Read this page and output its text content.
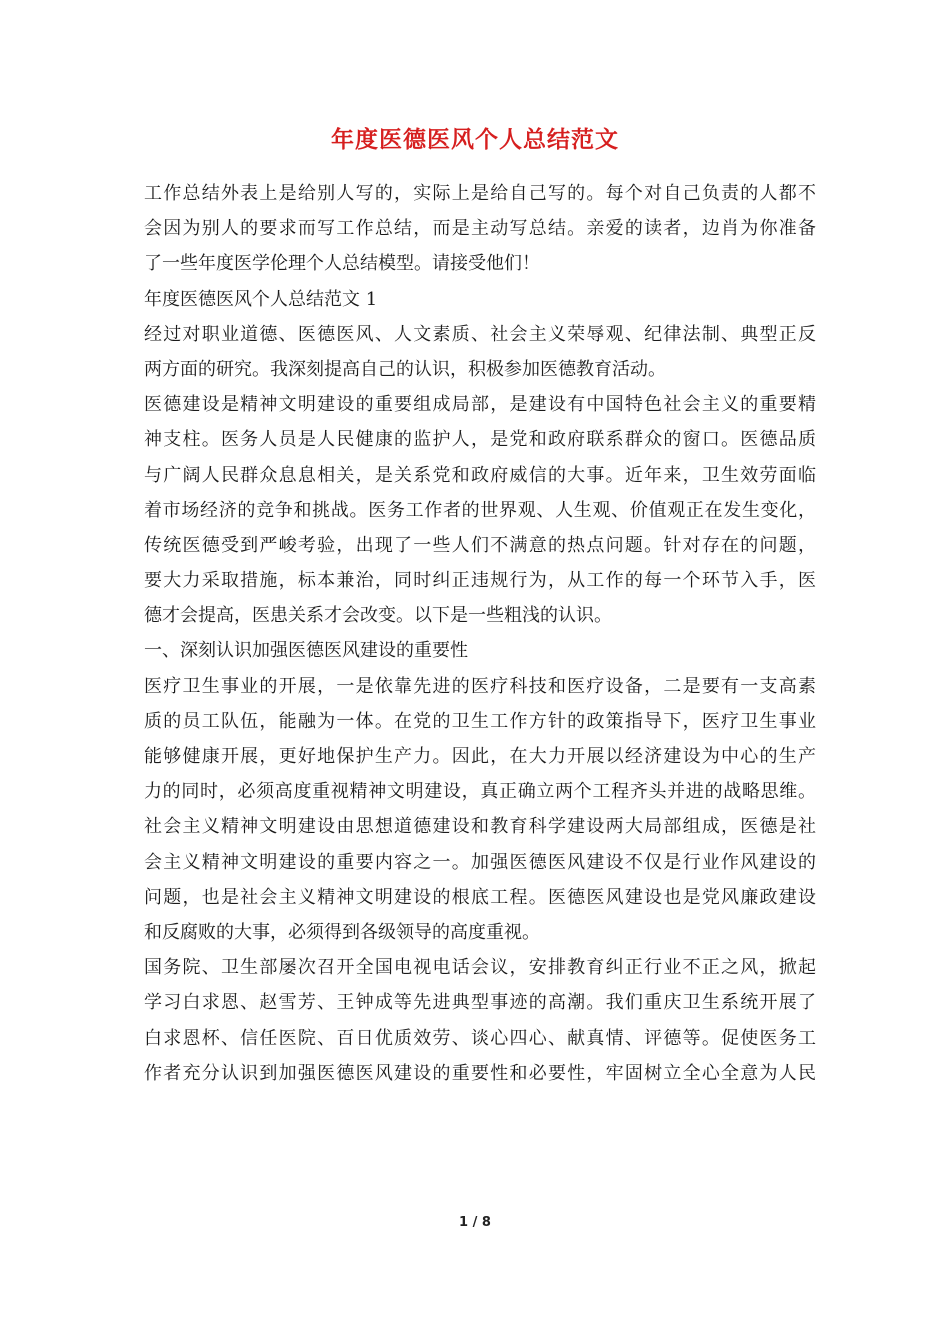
年度医德医风个人总结范文
工作总结外表上是给别人写的，实际上是给自己写的。每个对自己负责的人都不
会因为别人的要求而写工作总结，而是主动写总结。亲爱的读者，边肖为你准备
了一些年度医学伦理个人总结模型。请接受他们！
年度医德医风个人总结范文 1
经过对职业道德、医德医风、人文素质、社会主义荣辱观、纪律法制、典型正反
两方面的研究。我深刻提高自己的认识，积极参加医德教育活动。
医德建设是精神文明建设的重要组成局部，是建设有中国特色社会主义的重要精
神支柱。医务人员是人民健康的监护人，是党和政府联系群众的窗口。医德品质
与广阔人民群众息息相关，是关系党和政府威信的大事。近年来，卫生效劳面临
着市场经济的竞争和挑战。医务工作者的世界观、人生观、价值观正在发生变化，
传统医德受到严峻考验，出现了一些人们不满意的热点问题。针对存在的问题，
要大力采取措施，标本兼治，同时纠正违规行为，从工作的每一个环节入手，医
德才会提高，医患关系才会改变。以下是一些粗浅的认识。
一、深刻认识加强医德医风建设的重要性
医疗卫生事业的开展，一是依靠先进的医疗科技和医疗设备，二是要有一支高素
质的员工队伍，能融为一体。在党的卫生工作方针的政策指导下，医疗卫生事业
能够健康开展，更好地保护生产力。因此，在大力开展以经济建设为中心的生产
力的同时，必须高度重视精神文明建设，真正确立两个工程齐头并进的战略思维。
社会主义精神文明建设由思想道德建设和教育科学建设两大局部组成，医德是社
会主义精神文明建设的重要内容之一。加强医德医风建设不仅是行业作风建设的
问题，也是社会主义精神文明建设的根底工程。医德医风建设也是党风廉政建设
和反腐败的大事，必须得到各级领导的高度重视。
国务院、卫生部屡次召开全国电视电话会议，安排教育纠正行业不正之风，掀起
学习白求恩、赵雪芳、王钟成等先进典型事迹的高潮。我们重庆卫生系统开展了
白求恩杯、信任医院、百日优质效劳、谈心四心、献真情、评德等。促使医务工
作者充分认识到加强医德医风建设的重要性和必要性，牢固树立全心全意为人民
1 / 8
